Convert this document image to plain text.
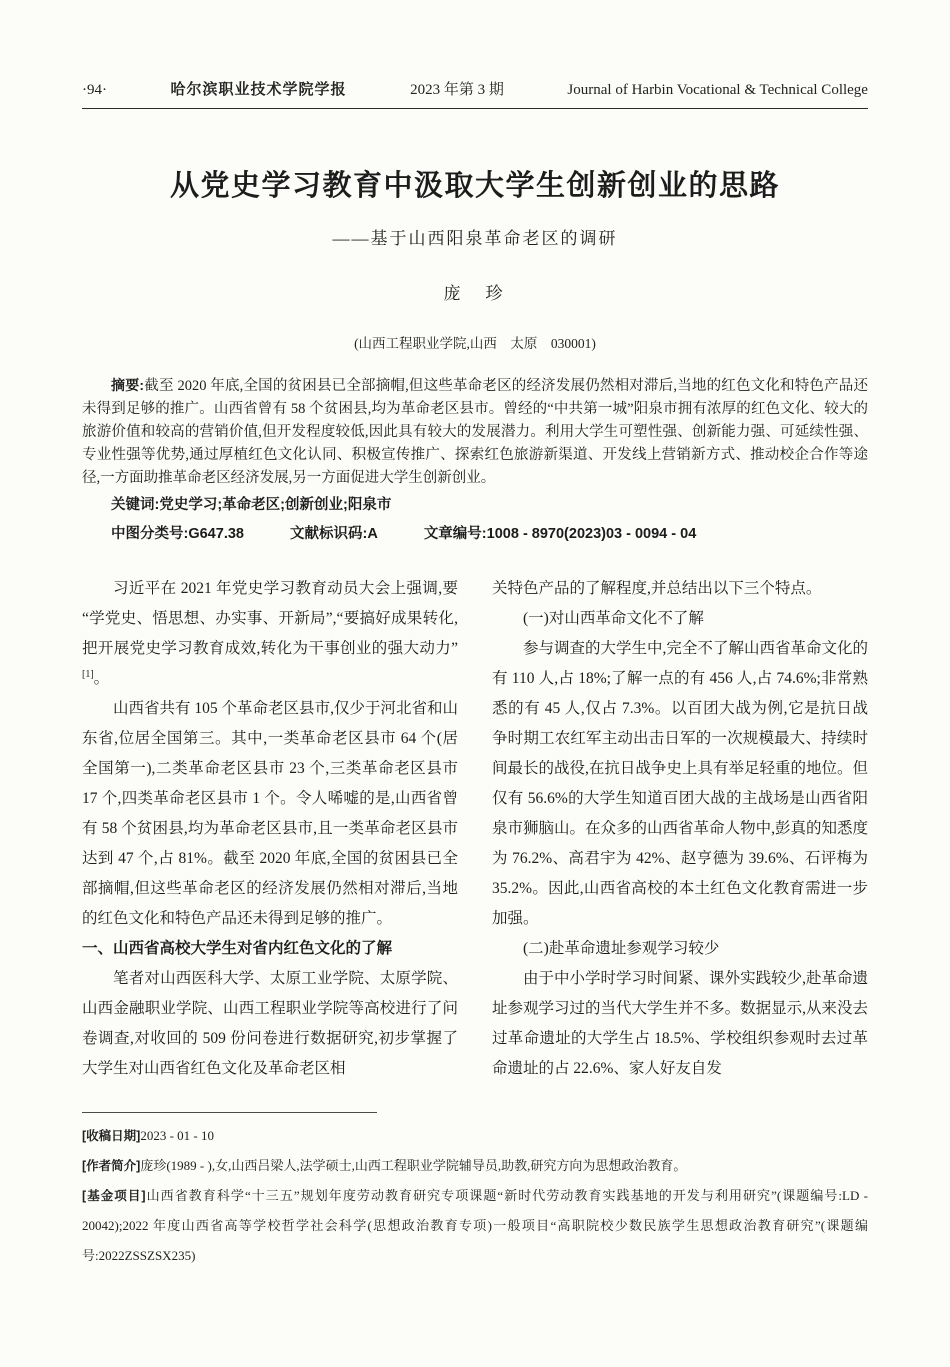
·94·	哈尔滨职业技术学院学报	2023 年第 3 期	Journal of Harbin Vocational & Technical College
从党史学习教育中汲取大学生创新创业的思路
——基于山西阳泉革命老区的调研
庞　珍
(山西工程职业学院,山西　太原　030001)

摘要:截至 2020 年底,全国的贫困县已全部摘帽,但这些革命老区的经济发展仍然相对滞后,当地的红色文化和特色产品还未得到足够的推广。山西省曾有 58 个贫困县,均为革命老区县市。曾经的“中共第一城”阳泉市拥有浓厚的红色文化、较大的旅游价值和较高的营销价值,但开发程度较低,因此具有较大的发展潜力。利用大学生可塑性强、创新能力强、可延续性强、专业性强等优势,通过厚植红色文化认同、积极宣传推广、探索红色旅游新渠道、开发线上营销新方式、推动校企合作等途径,一方面助推革命老区经济发展,另一方面促进大学生创新创业。

关键词:党史学习;革命老区;创新创业;阳泉市

中图分类号:G647.38	文献标识码:A	文章编号:1008 - 8970(2023)03 - 0094 - 04

习近平在 2021 年党史学习教育动员大会上强调,要“学党史、悟思想、办实事、开新局”,“要搞好成果转化,把开展党史学习教育成效,转化为干事创业的强大动力”[1]。

山西省共有 105 个革命老区县市,仅少于河北省和山东省,位居全国第三。其中,一类革命老区县市 64 个(居全国第一),二类革命老区县市 23 个,三类革命老区县市 17 个,四类革命老区县市 1 个。令人唏嘘的是,山西省曾有 58 个贫困县,均为革命老区县市,且一类革命老区县市达到 47 个,占 81%。截至 2020 年底,全国的贫困县已全部摘帽,但这些革命老区的经济发展仍然相对滞后,当地的红色文化和特色产品还未得到足够的推广。

一、山西省高校大学生对省内红色文化的了解

笔者对山西医科大学、太原工业学院、太原学院、山西金融职业学院、山西工程职业学院等高校进行了问卷调查,对收回的 509 份问卷进行数据研究,初步掌握了大学生对山西省红色文化及革命老区相

关特色产品的了解程度,并总结出以下三个特点。

(一)对山西革命文化不了解

参与调查的大学生中,完全不了解山西省革命文化的有 110 人,占 18%;了解一点的有 456 人,占 74.6%;非常熟悉的有 45 人,仅占 7.3%。以百团大战为例,它是抗日战争时期工农红军主动出击日军的一次规模最大、持续时间最长的战役,在抗日战争史上具有举足轻重的地位。但仅有 56.6%的大学生知道百团大战的主战场是山西省阳泉市狮脑山。在众多的山西省革命人物中,彭真的知悉度为 76.2%、高君宇为 42%、赵亨德为 39.6%、石评梅为 35.2%。因此,山西省高校的本土红色文化教育需进一步加强。

(二)赴革命遗址参观学习较少

由于中小学时学习时间紧、课外实践较少,赴革命遗址参观学习过的当代大学生并不多。数据显示,从来没去过革命遗址的大学生占 18.5%、学校组织参观时去过革命遗址的占 22.6%、家人好友自发

[收稿日期]2023 - 01 - 10

[作者简介]庞珍(1989 - ),女,山西吕梁人,法学硕士,山西工程职业学院辅导员,助教,研究方向为思想政治教育。

[基金项目]山西省教育科学“十三五”规划年度劳动教育研究专项课题“新时代劳动教育实践基地的开发与利用研究”(课题编号:LD - 20042);2022 年度山西省高等学校哲学社会科学(思想政治教育专项)一般项目“高职院校少数民族学生思想政治教育研究”(课题编号:2022ZSSZSX235)
